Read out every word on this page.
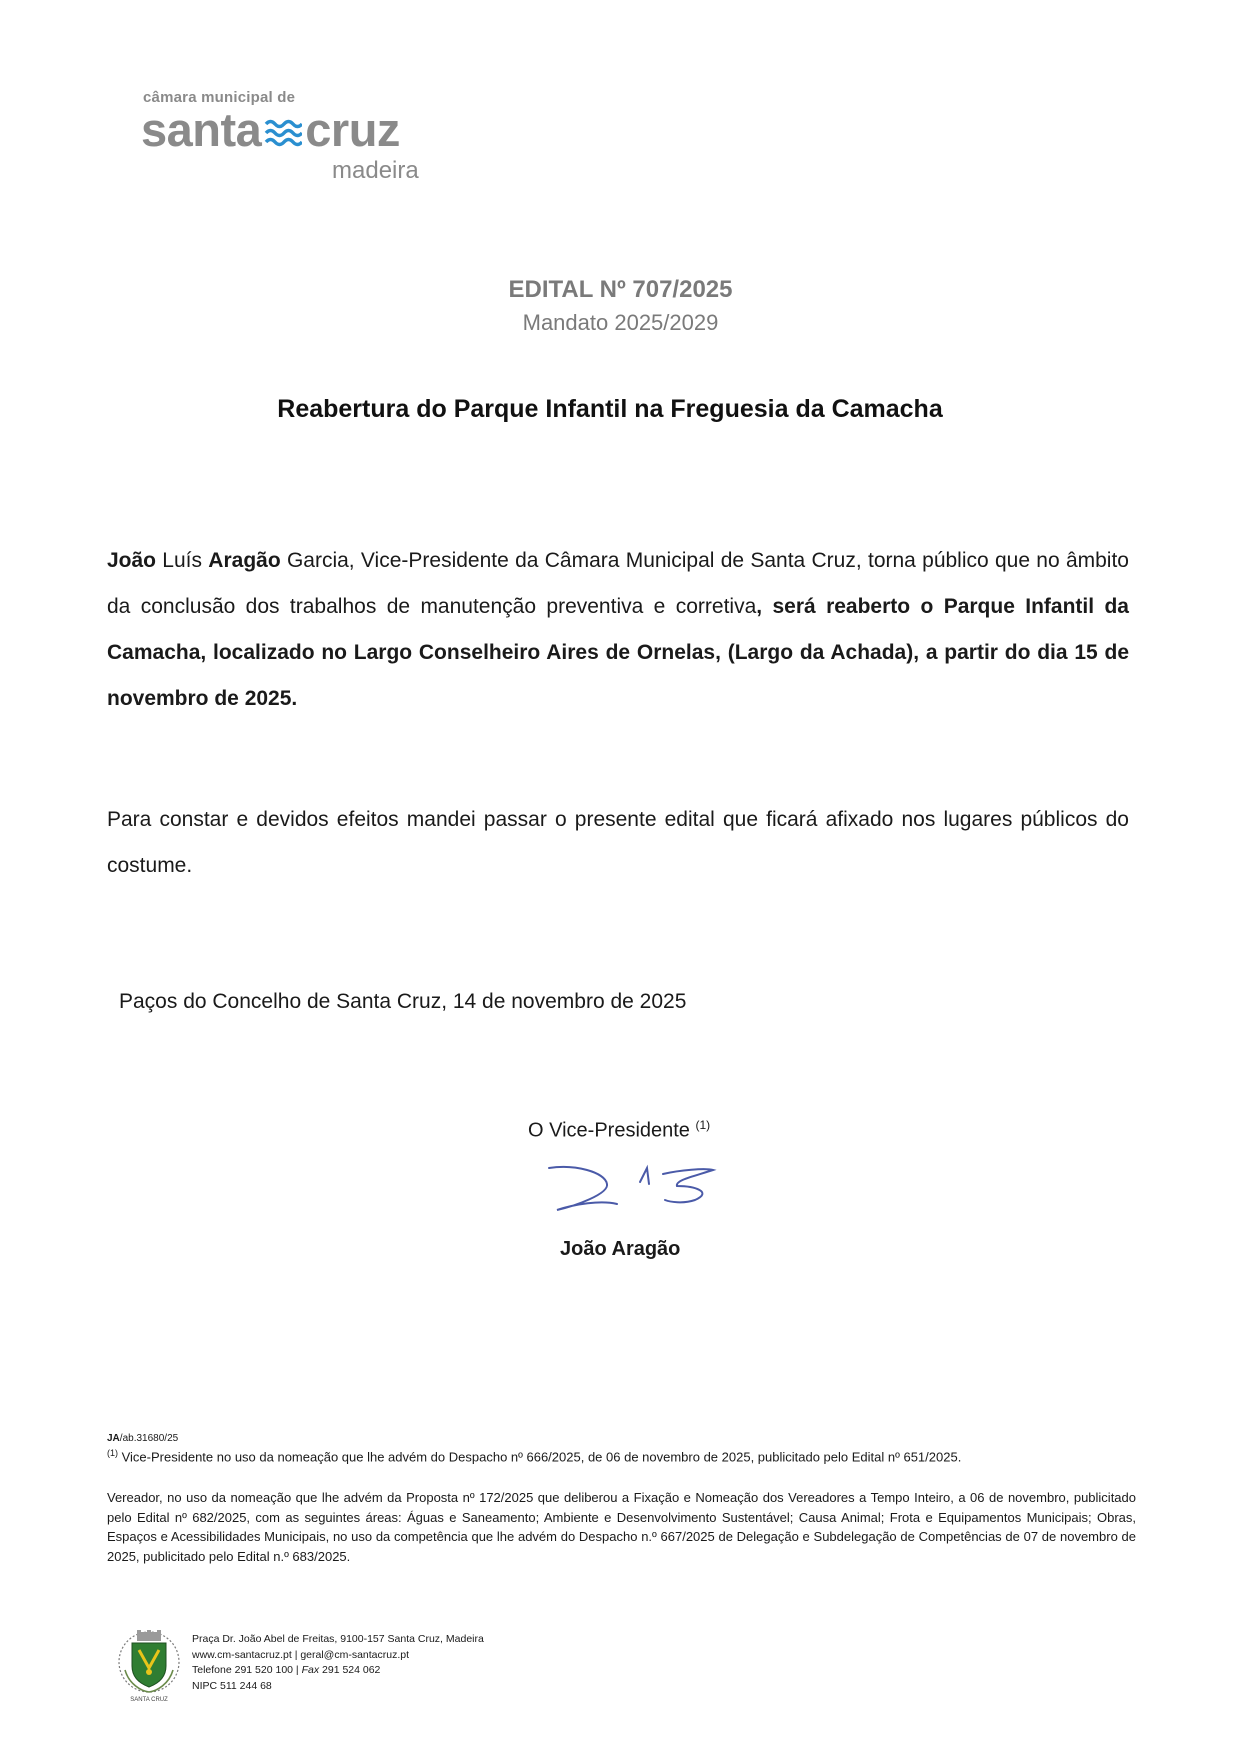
câmara municipal de
santa cruz
madeira
EDITAL Nº 707/2025
Mandato 2025/2029
Reabertura do Parque Infantil na Freguesia da Camacha
João Luís Aragão Garcia, Vice-Presidente da Câmara Municipal de Santa Cruz, torna público que no âmbito da conclusão dos trabalhos de manutenção preventiva e corretiva, será reaberto o Parque Infantil da Camacha, localizado no Largo Conselheiro Aires de Ornelas, (Largo da Achada), a partir do dia 15 de novembro de 2025.
Para constar e devidos efeitos mandei passar o presente edital que ficará afixado nos lugares públicos do costume.
Paços do Concelho de Santa Cruz, 14 de novembro de 2025
O Vice-Presidente $^{(1)}$
João Aragão
JA/ab.31680/25
$^{(1)}$ Vice-Presidente no uso da nomeação que lhe advém do Despacho nº 666/2025, de 06 de novembro de 2025, publicitado pelo Edital nº 651/2025.
Vereador, no uso da nomeação que lhe advém da Proposta nº 172/2025 que deliberou a Fixação e Nomeação dos Vereadores a Tempo Inteiro, a 06 de novembro, publicitado pelo Edital nº 682/2025, com as seguintes áreas: Águas e Saneamento; Ambiente e Desenvolvimento Sustentável; Causa Animal; Frota e Equipamentos Municipais; Obras, Espaços e Acessibilidades Municipais, no uso da competência que lhe advém do Despacho n.º 667/2025 de Delegação e Subdelegação de Competências de 07 de novembro de 2025, publicitado pelo Edital n.º 683/2025.
SANTA CRUZ
Praça Dr. João Abel de Freitas, 9100-157 Santa Cruz, Madeira
www.cm-santacruz.pt | geral@cm-santacruz.pt
Telefone 291 520 100 | Fax 291 524 062
NIPC 511 244 68
